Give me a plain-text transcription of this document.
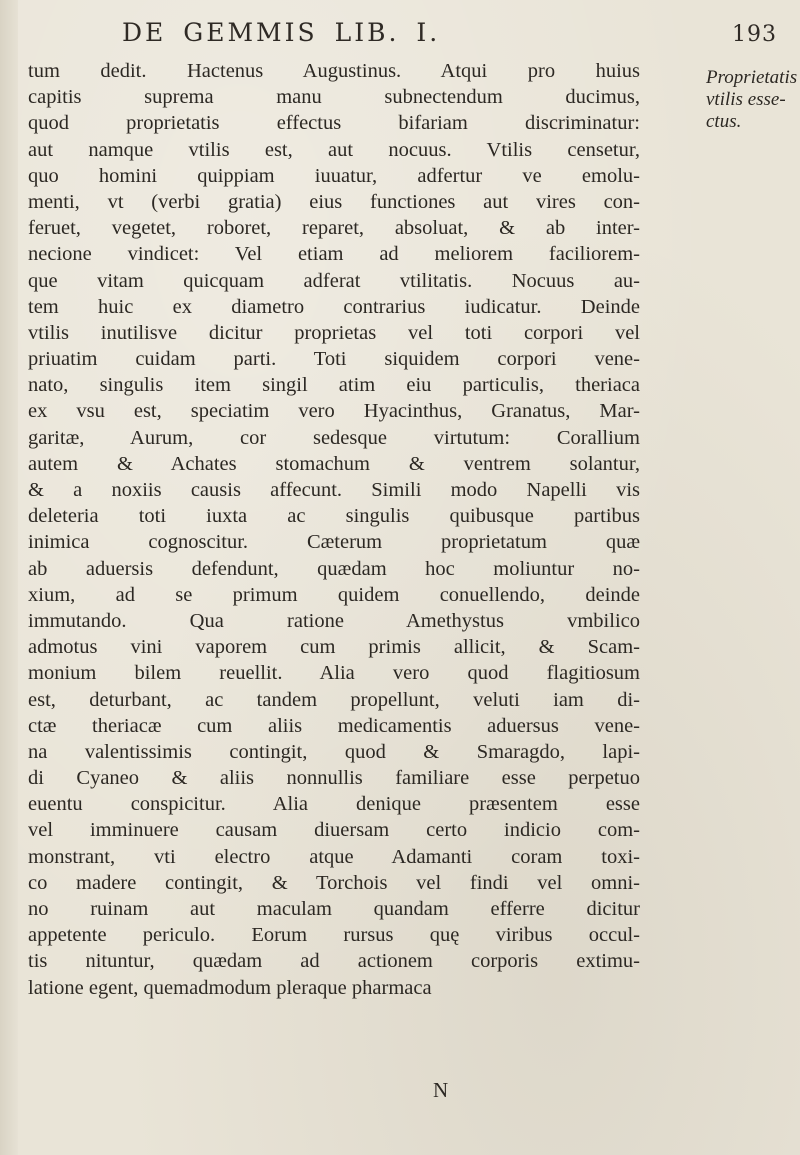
DE GEMMIS LIB. I.	193
tum dedit. Hactenus Augustinus. Atqui pro huius
capitis suprema manu subnectendum ducimus,
quod proprietatis effectus bifariam discriminatur:
aut namque vtilis est, aut nocuus. Vtilis censetur,
quo homini quippiam iuuatur, adfertur ve emolu-
menti, vt (verbi gratia) eius functiones aut vires con-
feruet, vegetet, roboret, reparet, absoluat, & ab inter-
necione vindicet: Vel etiam ad meliorem faciliorem-
que vitam quicquam adferat vtilitatis. Nocuus au-
tem huic ex diametro contrarius iudicatur. Deinde
vtilis inutilisve dicitur proprietas vel toti corpori vel
priuatim cuidam parti. Toti siquidem corpori vene-
nato, singulis item singil atim eiu particulis, theriaca
ex vsu est, speciatim vero Hyacinthus, Granatus, Mar-
garitæ, Aurum, cor sedesque virtutum: Corallium
autem & Achates stomachum & ventrem solantur,
& a noxiis causis affecunt. Simili modo Napelli vis
deleteria toti iuxta ac singulis quibusque partibus
inimica cognoscitur. Cæterum proprietatum quæ
ab aduersis defendunt, quædam hoc moliuntur no-
xium, ad se primum quidem conuellendo, deinde
immutando. Qua ratione Amethystus vmbilico
admotus vini vaporem cum primis allicit, & Scam-
monium bilem reuellit. Alia vero quod flagitiosum
est, deturbant, ac tandem propellunt, veluti iam di-
ctæ theriacæ cum aliis medicamentis aduersus vene-
na valentissimis contingit, quod & Smaragdo, lapi-
di Cyaneo & aliis nonnullis familiare esse perpetuo
euentu conspicitur. Alia denique præsentem esse
vel imminuere causam diuersam certo indicio com-
monstrant, vti electro atque Adamanti coram toxi-
co madere contingit, & Torchois vel findi vel omni-
no ruinam aut maculam quandam efferre dicitur
appetente periculo. Eorum rursus quę viribus occul-
tis nituntur, quædam ad actionem corporis extimu-
latione egent, quemadmodum pleraque pharmaca
Proprietatis
vtilis esse-
ctus.
N
